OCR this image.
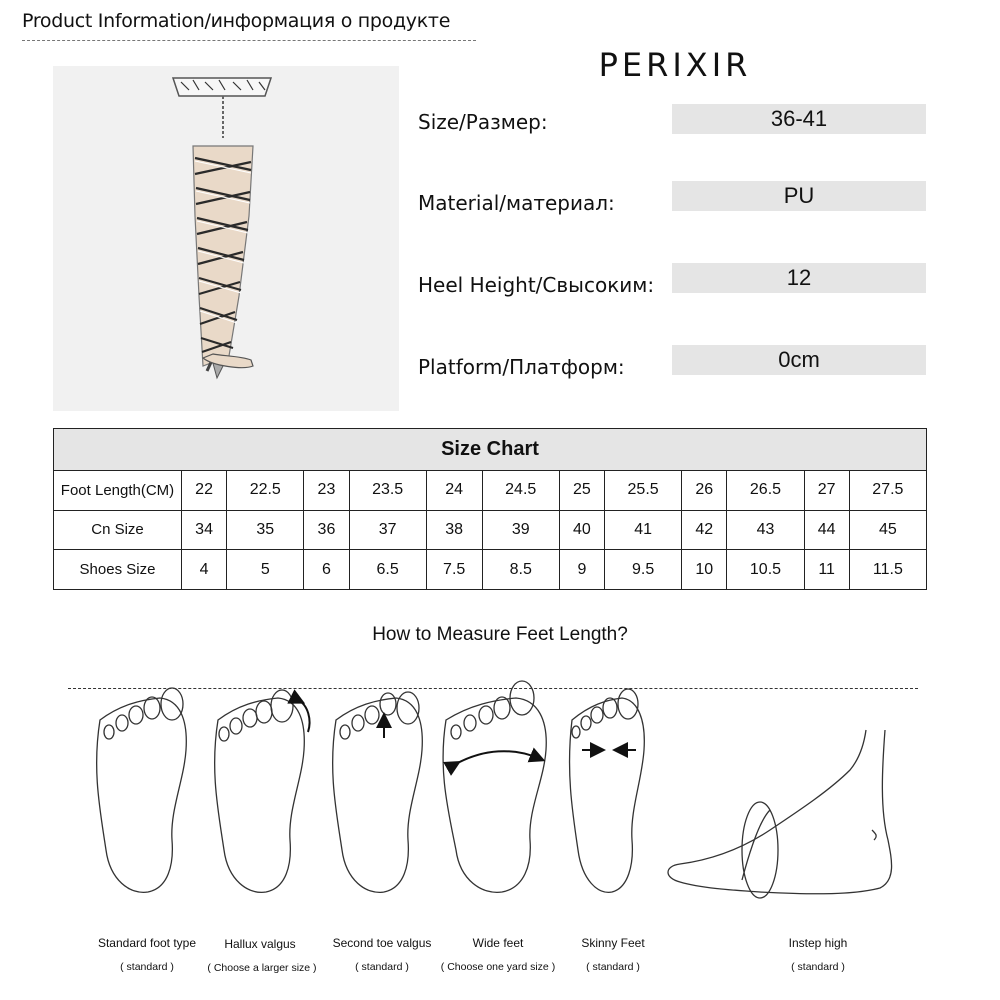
Product Information/информация о продукте
PERIXIR
Size/Размер:	36-41
Material/материал:	PU
Heel Height/Свысоким:	12
Platform/Платформ:	0cm
Size Chart												
Foot Length(CM)	22	22.5	23	23.5	24	24.5	25	25.5	26	26.5	27	27.5
Cn Size	34	35	36	37	38	39	40	41	42	43	44	45
Shoes Size	4	5	6	6.5	7.5	8.5	9	9.5	10	10.5	11	11.5
How to Measure Feet Length?
Standard foot type
( standard )
Hallux valgus
( Choose a larger size )
Second toe valgus
( standard )
Wide feet
( Choose one yard size )
Skinny Feet
( standard )
Instep high
( standard )
